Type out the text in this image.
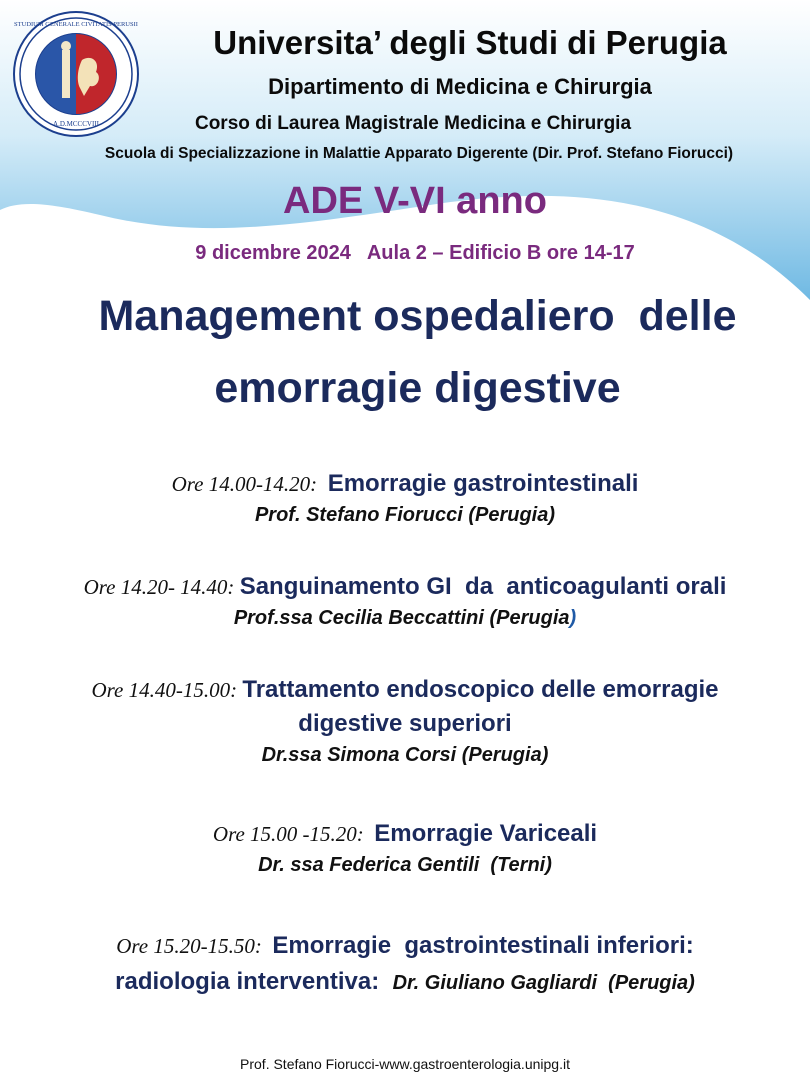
A.D.MCCCVIII
STUDIUM GENERALE CIVITATIS PERUSII	Universita’ degli Studi di Perugia
Dipartimento di Medicina e Chirurgia
Corso di Laurea Magistrale Medicina e Chirurgia
Scuola di Specializzazione in Malattie Apparato Digerente (Dir. Prof. Stefano Fiorucci)
ADE V-VI anno
9 dicembre 2024   Aula 2 – Edificio B ore 14-17
Management ospedaliero  delle
emorragie digestive
Ore 14.00-14.20:  Emorragie gastrointestinali
Prof. Stefano Fiorucci (Perugia)
Ore 14.20- 14.40: Sanguinamento GI  da  anticoagulanti orali
Prof.ssa Cecilia Beccattini (Perugia)
Ore 14.40-15.00: Trattamento endoscopico delle emorragie
digestive superiori
Dr.ssa Simona Corsi (Perugia)
Ore 15.00 -15.20:  Emorragie Variceali
Dr. ssa Federica Gentili  (Terni)
Ore 15.20-15.50:  Emorragie  gastrointestinali inferiori:
radiologia interventiva:  Dr. Giuliano Gagliardi  (Perugia)
Prof. Stefano Fiorucci-www.gastroenterologia.unipg.it
